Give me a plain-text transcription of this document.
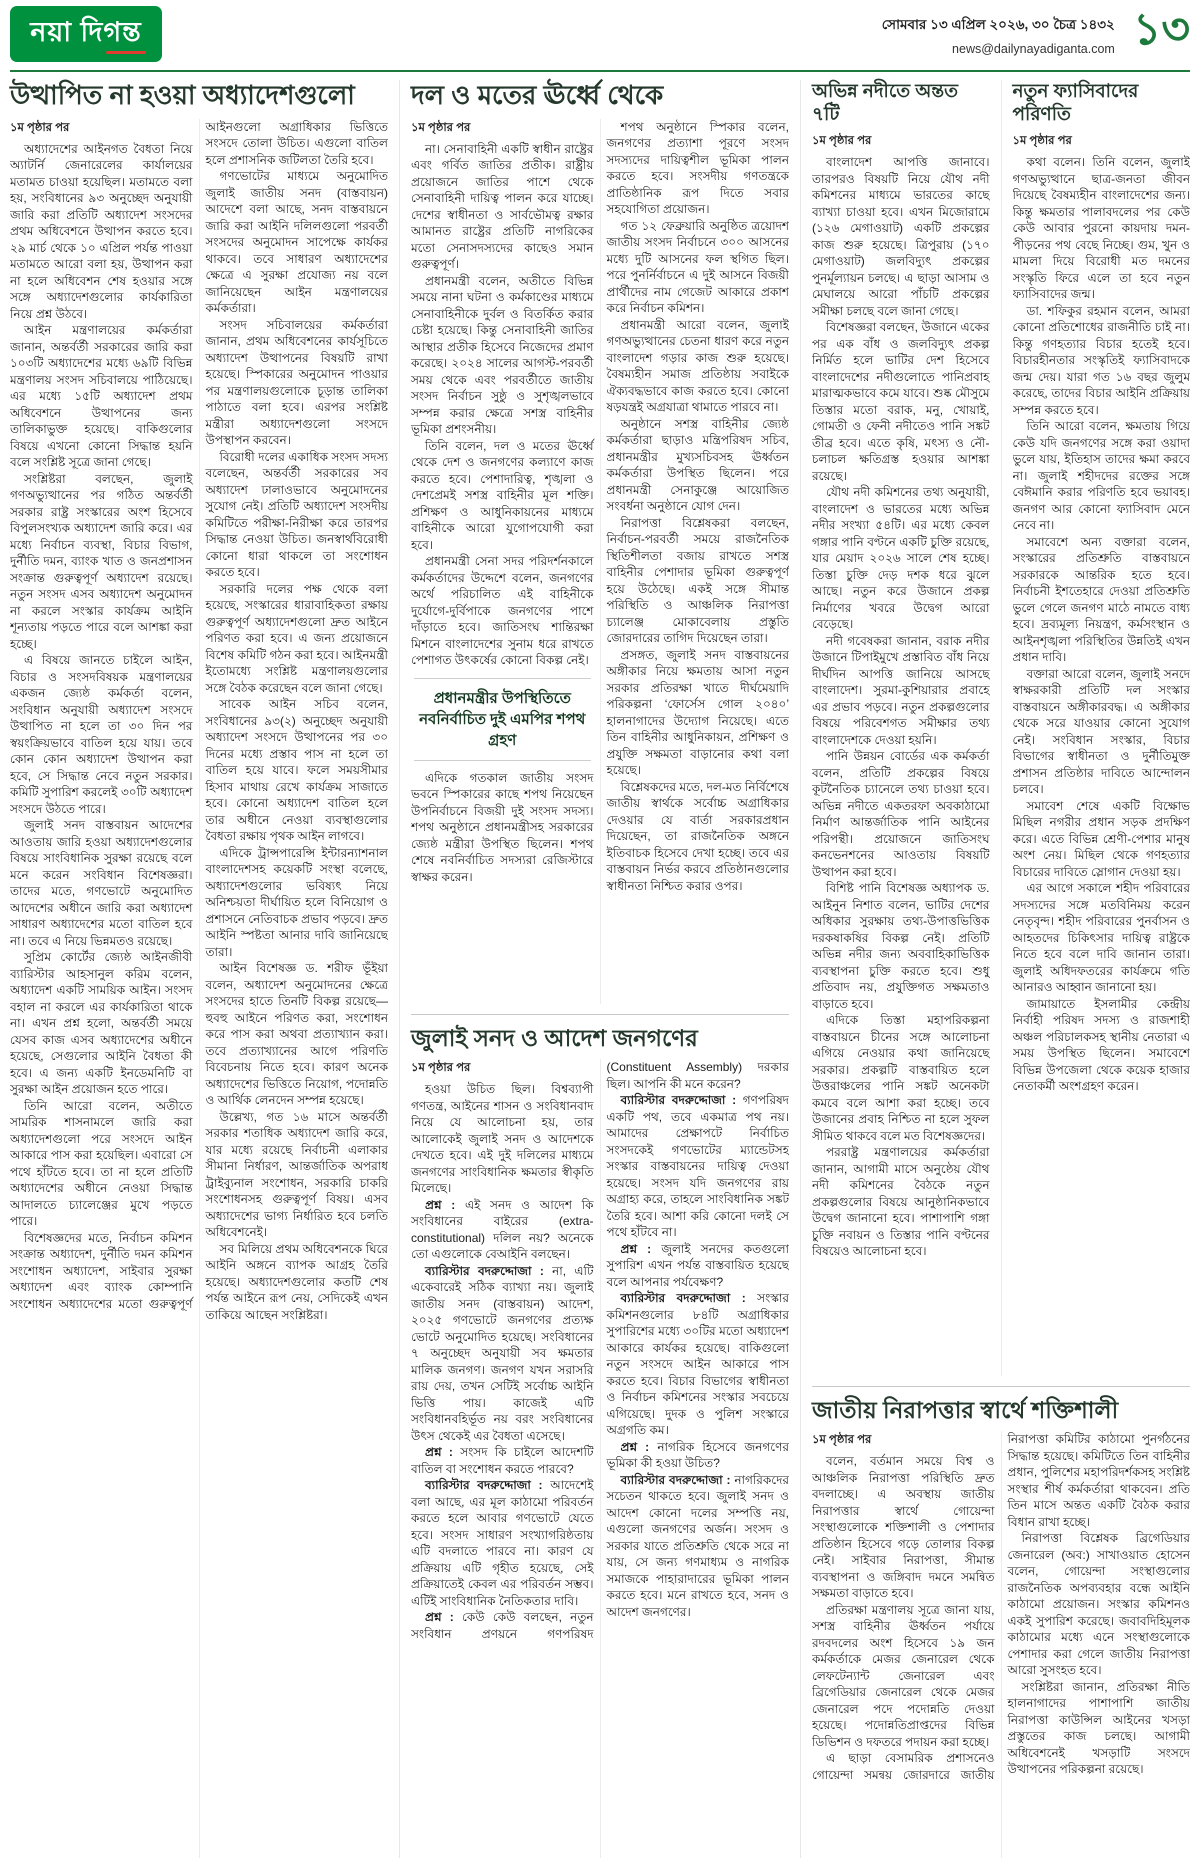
নয়া দিগন্ত	সোমবার ১৩ এপ্রিল ২০২৬, ৩০ চৈত্র ১৪৩২
news@dailynayadiganta.com ১৩
উত্থাপিত না হওয়া অধ্যাদেশগুলো
১ম পৃষ্ঠার পর

অধ্যাদেশের আইনগত বৈধতা নিয়ে অ্যাটর্নি জেনারেলের কার্যালয়ের মতামত চাওয়া হয়েছিল। মতামতে বলা হয়, সংবিধানের ৯৩ অনুচ্ছেদ অনুযায়ী জারি করা প্রতিটি অধ্যাদেশ সংসদের প্রথম অধিবেশনে উত্থাপন করতে হবে। ২৯ মার্চ থেকে ১০ এপ্রিল পর্যন্ত পাওয়া মতামতে আরো বলা হয়, উত্থাপন করা না হলে অধিবেশন শেষ হওয়ার সঙ্গে সঙ্গে অধ্যাদেশগুলোর কার্যকারিতা নিয়ে প্রশ্ন উঠবে।

আইন মন্ত্রণালয়ের কর্মকর্তারা জানান, অন্তর্বর্তী সরকারের জারি করা ১০৩টি অধ্যাদেশের মধ্যে ৬৯টি বিভিন্ন মন্ত্রণালয় সংসদ সচিবালয়ে পাঠিয়েছে। এর মধ্যে ১৫টি অধ্যাদেশ প্রথম অধিবেশনে উত্থাপনের জন্য তালিকাভুক্ত হয়েছে। বাকিগুলোর বিষয়ে এখনো কোনো সিদ্ধান্ত হয়নি বলে সংশ্লিষ্ট সূত্রে জানা গেছে।

সংশ্লিষ্টরা বলছেন, জুলাই গণঅভ্যুত্থানের পর গঠিত অন্তর্বর্তী সরকার রাষ্ট্র সংস্কারের অংশ হিসেবে বিপুলসংখ্যক অধ্যাদেশ জারি করে। এর মধ্যে নির্বাচন ব্যবস্থা, বিচার বিভাগ, দুর্নীতি দমন, ব্যাংক খাত ও জনপ্রশাসন সংক্রান্ত গুরুত্বপূর্ণ অধ্যাদেশ রয়েছে। নতুন সংসদ এসব অধ্যাদেশ অনুমোদন না করলে সংস্কার কার্যক্রম আইনি শূন্যতায় পড়তে পারে বলে আশঙ্কা করা হচ্ছে।

এ বিষয়ে জানতে চাইলে আইন, বিচার ও সংসদবিষয়ক মন্ত্রণালয়ের একজন জ্যেষ্ঠ কর্মকর্তা বলেন, সংবিধান অনুযায়ী অধ্যাদেশ সংসদে উত্থাপিত না হলে তা ৩০ দিন পর স্বয়ংক্রিয়ভাবে বাতিল হয়ে যায়। তবে কোন কোন অধ্যাদেশ উত্থাপন করা হবে, সে সিদ্ধান্ত নেবে নতুন সরকার। কমিটি সুপারিশ করলেই ৩০টি অধ্যাদেশ সংসদে উঠতে পারে।

জুলাই সনদ বাস্তবায়ন আদেশের আওতায় জারি হওয়া অধ্যাদেশগুলোর বিষয়ে সাংবিধানিক সুরক্ষা রয়েছে বলে মনে করেন সংবিধান বিশেষজ্ঞরা। তাদের মতে, গণভোটে অনুমোদিত আদেশের অধীনে জারি করা অধ্যাদেশ সাধারণ অধ্যাদেশের মতো বাতিল হবে না। তবে এ নিয়ে ভিন্নমতও রয়েছে।

সুপ্রিম কোর্টের জ্যেষ্ঠ আইনজীবী ব্যারিস্টার আহসানুল করিম বলেন, অধ্যাদেশ একটি সাময়িক আইন। সংসদ বহাল না করলে এর কার্যকারিতা থাকে না। এখন প্রশ্ন হলো, অন্তর্বর্তী সময়ে যেসব কাজ এসব অধ্যাদেশের অধীনে হয়েছে, সেগুলোর আইনি বৈধতা কী হবে। এ জন্য একটি ইনডেমনিটি বা সুরক্ষা আইন প্রয়োজন হতে পারে।

তিনি আরো বলেন, অতীতে সামরিক শাসনামলে জারি করা অধ্যাদেশগুলো পরে সংসদে আইন আকারে পাস করা হয়েছিল। এবারো সে পথে হাঁটতে হবে। তা না হলে প্রতিটি অধ্যাদেশের অধীনে নেওয়া সিদ্ধান্ত আদালতে চ্যালেঞ্জের মুখে পড়তে পারে।

বিশেষজ্ঞদের মতে, নির্বাচন কমিশন সংক্রান্ত অধ্যাদেশ, দুর্নীতি দমন কমিশন সংশোধন অধ্যাদেশ, সাইবার সুরক্ষা অধ্যাদেশ এবং ব্যাংক কোম্পানি সংশোধন অধ্যাদেশের মতো গুরুত্বপূর্ণ আইনগুলো অগ্রাধিকার ভিত্তিতে সংসদে তোলা উচিত। এগুলো বাতিল হলে প্রশাসনিক জটিলতা তৈরি হবে।

গণভোটের মাধ্যমে অনুমোদিত জুলাই জাতীয় সনদ (বাস্তবায়ন) আদেশে বলা আছে, সনদ বাস্তবায়নে জারি করা আইনি দলিলগুলো পরবর্তী সংসদের অনুমোদন সাপেক্ষে কার্যকর থাকবে। তবে সাধারণ অধ্যাদেশের ক্ষেত্রে এ সুরক্ষা প্রযোজ্য নয় বলে জানিয়েছেন আইন মন্ত্রণালয়ের কর্মকর্তারা।

সংসদ সচিবালয়ের কর্মকর্তারা জানান, প্রথম অধিবেশনের কার্যসূচিতে অধ্যাদেশ উত্থাপনের বিষয়টি রাখা হয়েছে। স্পিকারের অনুমোদন পাওয়ার পর মন্ত্রণালয়গুলোকে চূড়ান্ত তালিকা পাঠাতে বলা হবে। এরপর সংশ্লিষ্ট মন্ত্রীরা অধ্যাদেশগুলো সংসদে উপস্থাপন করবেন।

বিরোধী দলের একাধিক সংসদ সদস্য বলেছেন, অন্তর্বর্তী সরকারের সব অধ্যাদেশ ঢালাওভাবে অনুমোদনের সুযোগ নেই। প্রতিটি অধ্যাদেশ সংসদীয় কমিটিতে পরীক্ষা-নিরীক্ষা করে তারপর সিদ্ধান্ত নেওয়া উচিত। জনস্বার্থবিরোধী কোনো ধারা থাকলে তা সংশোধন করতে হবে।

সরকারি দলের পক্ষ থেকে বলা হয়েছে, সংস্কারের ধারাবাহিকতা রক্ষায় গুরুত্বপূর্ণ অধ্যাদেশগুলো দ্রুত আইনে পরিণত করা হবে। এ জন্য প্রয়োজনে বিশেষ কমিটি গঠন করা হবে। আইনমন্ত্রী ইতোমধ্যে সংশ্লিষ্ট মন্ত্রণালয়গুলোর সঙ্গে বৈঠক করেছেন বলে জানা গেছে।

সাবেক আইন সচিব বলেন, সংবিধানের ৯৩(২) অনুচ্ছেদ অনুযায়ী অধ্যাদেশ সংসদে উত্থাপনের পর ৩০ দিনের মধ্যে প্রস্তাব পাস না হলে তা বাতিল হয়ে যাবে। ফলে সময়সীমার হিসাব মাথায় রেখে কার্যক্রম সাজাতে হবে। কোনো অধ্যাদেশ বাতিল হলে তার অধীনে নেওয়া ব্যবস্থাগুলোর বৈধতা রক্ষায় পৃথক আইন লাগবে।

এদিকে ট্রান্সপারেন্সি ইন্টারন্যাশনাল বাংলাদেশসহ কয়েকটি সংস্থা বলেছে, অধ্যাদেশগুলোর ভবিষ্যৎ নিয়ে অনিশ্চয়তা দীর্ঘায়িত হলে বিনিয়োগ ও প্রশাসনে নেতিবাচক প্রভাব পড়বে। দ্রুত আইনি স্পষ্টতা আনার দাবি জানিয়েছে তারা।

আইন বিশেষজ্ঞ ড. শরীফ ভূঁইয়া বলেন, অধ্যাদেশ অনুমোদনের ক্ষেত্রে সংসদের হাতে তিনটি বিকল্প রয়েছে— হুবহু আইনে পরিণত করা, সংশোধন করে পাস করা অথবা প্রত্যাখ্যান করা। তবে প্রত্যাখ্যানের আগে পরিণতি বিবেচনায় নিতে হবে। কারণ অনেক অধ্যাদেশের ভিত্তিতে নিয়োগ, পদোন্নতি ও আর্থিক লেনদেন সম্পন্ন হয়েছে।

উল্লেখ্য, গত ১৬ মাসে অন্তর্বর্তী সরকার শতাধিক অধ্যাদেশ জারি করে, যার মধ্যে রয়েছে নির্বাচনী এলাকার সীমানা নির্ধারণ, আন্তর্জাতিক অপরাধ ট্রাইব্যুনাল সংশোধন, সরকারি চাকরি সংশোধনসহ গুরুত্বপূর্ণ বিষয়। এসব অধ্যাদেশের ভাগ্য নির্ধারিত হবে চলতি অধিবেশনেই।

সব মিলিয়ে প্রথম অধিবেশনকে ঘিরে আইনি অঙ্গনে ব্যাপক আগ্রহ তৈরি হয়েছে। অধ্যাদেশগুলোর কতটি শেষ পর্যন্ত আইনে রূপ নেয়, সেদিকেই এখন তাকিয়ে আছেন সংশ্লিষ্টরা।

দল ও মতের ঊর্ধ্বে থেকে
১ম পৃষ্ঠার পর

না। সেনাবাহিনী একটি স্বাধীন রাষ্ট্রের এবং গর্বিত জাতির প্রতীক। রাষ্ট্রীয় প্রয়োজনে জাতির পাশে থেকে সেনাবাহিনী দায়িত্ব পালন করে যাচ্ছে। দেশের স্বাধীনতা ও সার্বভৌমত্ব রক্ষার আমানত রাষ্ট্রের প্রতিটি নাগরিকের মতো সেনাসদস্যদের কাছেও সমান গুরুত্বপূর্ণ।

প্রধানমন্ত্রী বলেন, অতীতে বিভিন্ন সময়ে নানা ঘটনা ও কর্মকাণ্ডের মাধ্যমে সেনাবাহিনীকে দুর্বল ও বিতর্কিত করার চেষ্টা হয়েছে। কিন্তু সেনাবাহিনী জাতির আস্থার প্রতীক হিসেবে নিজেদের প্রমাণ করেছে। ২০২৪ সালের আগস্ট-পরবর্তী সময় থেকে এবং পরবর্তীতে জাতীয় সংসদ নির্বাচন সুষ্ঠু ও সুশৃঙ্খলভাবে সম্পন্ন করার ক্ষেত্রে সশস্ত্র বাহিনীর ভূমিকা প্রশংসনীয়।

তিনি বলেন, দল ও মতের ঊর্ধ্বে থেকে দেশ ও জনগণের কল্যাণে কাজ করতে হবে। পেশাদারিত্ব, শৃঙ্খলা ও দেশপ্রেমই সশস্ত্র বাহিনীর মূল শক্তি। প্রশিক্ষণ ও আধুনিকায়নের মাধ্যমে বাহিনীকে আরো যুগোপযোগী করা হবে।

প্রধানমন্ত্রী সেনা সদর পরিদর্শনকালে কর্মকর্তাদের উদ্দেশে বলেন, জনগণের অর্থে পরিচালিত এই বাহিনীকে দুর্যোগে-দুর্বিপাকে জনগণের পাশে দাঁড়াতে হবে। জাতিসংঘ শান্তিরক্ষা মিশনে বাংলাদেশের সুনাম ধরে রাখতে পেশাগত উৎকর্ষের কোনো বিকল্প নেই।

প্রধানমন্ত্রীর উপস্থিতিতে নবনির্বাচিত দুই এমপির শপথ গ্রহণ

এদিকে গতকাল জাতীয় সংসদ ভবনে স্পিকারের কাছে শপথ নিয়েছেন উপনির্বাচনে বিজয়ী দুই সংসদ সদস্য। শপথ অনুষ্ঠানে প্রধানমন্ত্রীসহ সরকারের জ্যেষ্ঠ মন্ত্রীরা উপস্থিত ছিলেন। শপথ শেষে নবনির্বাচিত সদস্যরা রেজিস্টারে স্বাক্ষর করেন।

শপথ অনুষ্ঠানে স্পিকার বলেন, জনগণের প্রত্যাশা পূরণে সংসদ সদস্যদের দায়িত্বশীল ভূমিকা পালন করতে হবে। সংসদীয় গণতন্ত্রকে প্রাতিষ্ঠানিক রূপ দিতে সবার সহযোগিতা প্রয়োজন।

গত ১২ ফেব্রুয়ারি অনুষ্ঠিত ত্রয়োদশ জাতীয় সংসদ নির্বাচনে ৩০০ আসনের মধ্যে দুটি আসনের ফল স্থগিত ছিল। পরে পুনর্নির্বাচনে এ দুই আসনে বিজয়ী প্রার্থীদের নাম গেজেট আকারে প্রকাশ করে নির্বাচন কমিশন।

প্রধানমন্ত্রী আরো বলেন, জুলাই গণঅভ্যুত্থানের চেতনা ধারণ করে নতুন বাংলাদেশ গড়ার কাজ শুরু হয়েছে। বৈষম্যহীন সমাজ প্রতিষ্ঠায় সবাইকে ঐক্যবদ্ধভাবে কাজ করতে হবে। কোনো ষড়যন্ত্রই অগ্রযাত্রা থামাতে পারবে না।

অনুষ্ঠানে সশস্ত্র বাহিনীর জ্যেষ্ঠ কর্মকর্তারা ছাড়াও মন্ত্রিপরিষদ সচিব, প্রধানমন্ত্রীর মুখ্যসচিবসহ ঊর্ধ্বতন কর্মকর্তারা উপস্থিত ছিলেন। পরে প্রধানমন্ত্রী সেনাকুঞ্জে আয়োজিত সংবর্ধনা অনুষ্ঠানে যোগ দেন।

নিরাপত্তা বিশ্লেষকরা বলছেন, নির্বাচন-পরবর্তী সময়ে রাজনৈতিক স্থিতিশীলতা বজায় রাখতে সশস্ত্র বাহিনীর পেশাদার ভূমিকা গুরুত্বপূর্ণ হয়ে উঠেছে। একই সঙ্গে সীমান্ত পরিস্থিতি ও আঞ্চলিক নিরাপত্তা চ্যালেঞ্জ মোকাবেলায় প্রস্তুতি জোরদারের তাগিদ দিয়েছেন তারা।

প্রসঙ্গত, জুলাই সনদ বাস্তবায়নের অঙ্গীকার নিয়ে ক্ষমতায় আসা নতুন সরকার প্রতিরক্ষা খাতে দীর্ঘমেয়াদি পরিকল্পনা ‘ফোর্সেস গোল ২০৪০’ হালনাগাদের উদ্যোগ নিয়েছে। এতে তিন বাহিনীর আধুনিকায়ন, প্রশিক্ষণ ও প্রযুক্তি সক্ষমতা বাড়ানোর কথা বলা হয়েছে।

বিশ্লেষকদের মতে, দল-মত নির্বিশেষে জাতীয় স্বার্থকে সর্বোচ্চ অগ্রাধিকার দেওয়ার যে বার্তা সরকারপ্রধান দিয়েছেন, তা রাজনৈতিক অঙ্গনে ইতিবাচক হিসেবে দেখা হচ্ছে। তবে এর বাস্তবায়ন নির্ভর করবে প্রতিষ্ঠানগুলোর স্বাধীনতা নিশ্চিত করার ওপর।

জুলাই সনদ ও আদেশ জনগণের
১ম পৃষ্ঠার পর

হওয়া উচিত ছিল। বিশ্বব্যাপী গণতন্ত্র, আইনের শাসন ও সংবিধানবাদ নিয়ে যে আলোচনা হয়, তার আলোকেই জুলাই সনদ ও আদেশকে দেখতে হবে। এই দুই দলিলের মাধ্যমে জনগণের সাংবিধানিক ক্ষমতার স্বীকৃতি মিলেছে।

প্রশ্ন : এই সনদ ও আদেশ কি সংবিধানের বাইরের (extra-constitutional) দলিল নয়? অনেকে তো এগুলোকে বেআইনি বলছেন।

ব্যারিস্টার বদরুদ্দোজা : না, এটি একেবারেই সঠিক ব্যাখ্যা নয়। জুলাই জাতীয় সনদ (বাস্তবায়ন) আদেশ, ২০২৫ গণভোটে জনগণের প্রত্যক্ষ ভোটে অনুমোদিত হয়েছে। সংবিধানের ৭ অনুচ্ছেদ অনুযায়ী সব ক্ষমতার মালিক জনগণ। জনগণ যখন সরাসরি রায় দেয়, তখন সেটিই সর্বোচ্চ আইনি ভিত্তি পায়। কাজেই এটি সংবিধানবহির্ভূত নয় বরং সংবিধানের উৎস থেকেই এর বৈধতা এসেছে।

প্রশ্ন : সংসদ কি চাইলে আদেশটি বাতিল বা সংশোধন করতে পারবে?

ব্যারিস্টার বদরুদ্দোজা : আদেশেই বলা আছে, এর মূল কাঠামো পরিবর্তন করতে হলে আবার গণভোটে যেতে হবে। সংসদ সাধারণ সংখ্যাগরিষ্ঠতায় এটি বদলাতে পারবে না। কারণ যে প্রক্রিয়ায় এটি গৃহীত হয়েছে, সেই প্রক্রিয়াতেই কেবল এর পরিবর্তন সম্ভব। এটিই সাংবিধানিক নৈতিকতার দাবি।

প্রশ্ন : কেউ কেউ বলছেন, নতুন সংবিধান প্রণয়নে গণপরিষদ (Constituent Assembly) দরকার ছিল। আপনি কী মনে করেন?

ব্যারিস্টার বদরুদ্দোজা : গণপরিষদ একটি পথ, তবে একমাত্র পথ নয়। আমাদের প্রেক্ষাপটে নির্বাচিত সংসদকেই গণভোটের ম্যান্ডেটসহ সংস্কার বাস্তবায়নের দায়িত্ব দেওয়া হয়েছে। সংসদ যদি জনগণের রায় অগ্রাহ্য করে, তাহলে সাংবিধানিক সঙ্কট তৈরি হবে। আশা করি কোনো দলই সে পথে হাঁটবে না।

প্রশ্ন : জুলাই সনদের কতগুলো সুপারিশ এখন পর্যন্ত বাস্তবায়িত হয়েছে বলে আপনার পর্যবেক্ষণ?

ব্যারিস্টার বদরুদ্দোজা : সংস্কার কমিশনগুলোর ৮৪টি অগ্রাধিকার সুপারিশের মধ্যে ৩০টির মতো অধ্যাদেশ আকারে কার্যকর হয়েছে। বাকিগুলো নতুন সংসদে আইন আকারে পাস করতে হবে। বিচার বিভাগের স্বাধীনতা ও নির্বাচন কমিশনের সংস্কার সবচেয়ে এগিয়েছে। দুদক ও পুলিশ সংস্কারে অগ্রগতি কম।

প্রশ্ন : নাগরিক হিসেবে জনগণের ভূমিকা কী হওয়া উচিত?

ব্যারিস্টার বদরুদ্দোজা : নাগরিকদের সচেতন থাকতে হবে। জুলাই সনদ ও আদেশ কোনো দলের সম্পত্তি নয়, এগুলো জনগণের অর্জন। সংসদ ও সরকার যাতে প্রতিশ্রুতি থেকে সরে না যায়, সে জন্য গণমাধ্যম ও নাগরিক সমাজকে পাহারাদারের ভূমিকা পালন করতে হবে। মনে রাখতে হবে, সনদ ও আদেশ জনগণের।

অভিন্ন নদীতে অন্তত ৭টি
১ম পৃষ্ঠার পর

বাংলাদেশ আপত্তি জানাবে। তারপরও বিষয়টি নিয়ে যৌথ নদী কমিশনের মাধ্যমে ভারতের কাছে ব্যাখ্যা চাওয়া হবে। এখন মিজোরামে (১২৬ মেগাওয়াট) একটি প্রকল্পের কাজ শুরু হয়েছে। ত্রিপুরায় (১৭০ মেগাওয়াট) জলবিদ্যুৎ প্রকল্পের পুনর্মূল্যায়ন চলছে। এ ছাড়া আসাম ও মেঘালয়ে আরো পাঁচটি প্রকল্পের সমীক্ষা চলছে বলে জানা গেছে।

বিশেষজ্ঞরা বলছেন, উজানে একের পর এক বাঁধ ও জলবিদ্যুৎ প্রকল্প নির্মিত হলে ভাটির দেশ হিসেবে বাংলাদেশের নদীগুলোতে পানিপ্রবাহ মারাত্মকভাবে কমে যাবে। শুষ্ক মৌসুমে তিস্তার মতো বরাক, মনু, খোয়াই, গোমতী ও ফেনী নদীতেও পানি সঙ্কট তীব্র হবে। এতে কৃষি, মৎস্য ও নৌ-চলাচল ক্ষতিগ্রস্ত হওয়ার আশঙ্কা রয়েছে।

যৌথ নদী কমিশনের তথ্য অনুযায়ী, বাংলাদেশ ও ভারতের মধ্যে অভিন্ন নদীর সংখ্যা ৫৪টি। এর মধ্যে কেবল গঙ্গার পানি বণ্টনে একটি চুক্তি রয়েছে, যার মেয়াদ ২০২৬ সালে শেষ হচ্ছে। তিস্তা চুক্তি দেড় দশক ধরে ঝুলে আছে। নতুন করে উজানে প্রকল্প নির্মাণের খবরে উদ্বেগ আরো বেড়েছে।

নদী গবেষকরা জানান, বরাক নদীর উজানে টিপাইমুখে প্রস্তাবিত বাঁধ নিয়ে দীর্ঘদিন আপত্তি জানিয়ে আসছে বাংলাদেশ। সুরমা-কুশিয়ারার প্রবাহে এর প্রভাব পড়বে। নতুন প্রকল্পগুলোর বিষয়ে পরিবেশগত সমীক্ষার তথ্য বাংলাদেশকে দেওয়া হয়নি।

পানি উন্নয়ন বোর্ডের এক কর্মকর্তা বলেন, প্রতিটি প্রকল্পের বিষয়ে কূটনৈতিক চ্যানেলে তথ্য চাওয়া হবে। অভিন্ন নদীতে একতরফা অবকাঠামো নির্মাণ আন্তর্জাতিক পানি আইনের পরিপন্থী। প্রয়োজনে জাতিসংঘ কনভেনশনের আওতায় বিষয়টি উত্থাপন করা হবে।

বিশিষ্ট পানি বিশেষজ্ঞ অধ্যাপক ড. আইনুন নিশাত বলেন, ভাটির দেশের অধিকার সুরক্ষায় তথ্য-উপাত্তভিত্তিক দরকষাকষির বিকল্প নেই। প্রতিটি অভিন্ন নদীর জন্য অববাহিকাভিত্তিক ব্যবস্থাপনা চুক্তি করতে হবে। শুধু প্রতিবাদ নয়, প্রযুক্তিগত সক্ষমতাও বাড়াতে হবে।

এদিকে তিস্তা মহাপরিকল্পনা বাস্তবায়নে চীনের সঙ্গে আলোচনা এগিয়ে নেওয়ার কথা জানিয়েছে সরকার। প্রকল্পটি বাস্তবায়িত হলে উত্তরাঞ্চলের পানি সঙ্কট অনেকটা কমবে বলে আশা করা হচ্ছে। তবে উজানের প্রবাহ নিশ্চিত না হলে সুফল সীমিত থাকবে বলে মত বিশেষজ্ঞদের।

পররাষ্ট্র মন্ত্রণালয়ের কর্মকর্তারা জানান, আগামী মাসে অনুষ্ঠেয় যৌথ নদী কমিশনের বৈঠকে নতুন প্রকল্পগুলোর বিষয়ে আনুষ্ঠানিকভাবে উদ্বেগ জানানো হবে। পাশাপাশি গঙ্গা চুক্তি নবায়ন ও তিস্তার পানি বণ্টনের বিষয়েও আলোচনা হবে।

নতুন ফ্যাসিবাদের পরিণতি
১ম পৃষ্ঠার পর

কথা বলেন। তিনি বলেন, জুলাই গণঅভ্যুত্থানে ছাত্র-জনতা জীবন দিয়েছে বৈষম্যহীন বাংলাদেশের জন্য। কিন্তু ক্ষমতার পালাবদলের পর কেউ কেউ আবার পুরনো কায়দায় দমন-পীড়নের পথ বেছে নিচ্ছে। গুম, খুন ও মামলা দিয়ে বিরোধী মত দমনের সংস্কৃতি ফিরে এলে তা হবে নতুন ফ্যাসিবাদের জন্ম।

ডা. শফিকুর রহমান বলেন, আমরা কোনো প্রতিশোধের রাজনীতি চাই না। কিন্তু গণহত্যার বিচার হতেই হবে। বিচারহীনতার সংস্কৃতিই ফ্যাসিবাদকে জন্ম দেয়। যারা গত ১৬ বছর জুলুম করেছে, তাদের বিচার আইনি প্রক্রিয়ায় সম্পন্ন করতে হবে।

তিনি আরো বলেন, ক্ষমতায় গিয়ে কেউ যদি জনগণের সঙ্গে করা ওয়াদা ভুলে যায়, ইতিহাস তাদের ক্ষমা করবে না। জুলাই শহীদদের রক্তের সঙ্গে বেঈমানি করার পরিণতি হবে ভয়াবহ। জনগণ আর কোনো ফ্যাসিবাদ মেনে নেবে না।

সমাবেশে অন্য বক্তারা বলেন, সংস্কারের প্রতিশ্রুতি বাস্তবায়নে সরকারকে আন্তরিক হতে হবে। নির্বাচনী ইশতেহারে দেওয়া প্রতিশ্রুতি ভুলে গেলে জনগণ মাঠে নামতে বাধ্য হবে। দ্রব্যমূল্য নিয়ন্ত্রণ, কর্মসংস্থান ও আইনশৃঙ্খলা পরিস্থিতির উন্নতিই এখন প্রধান দাবি।

বক্তারা আরো বলেন, জুলাই সনদে স্বাক্ষরকারী প্রতিটি দল সংস্কার বাস্তবায়নে অঙ্গীকারবদ্ধ। এ অঙ্গীকার থেকে সরে যাওয়ার কোনো সুযোগ নেই। সংবিধান সংস্কার, বিচার বিভাগের স্বাধীনতা ও দুর্নীতিমুক্ত প্রশাসন প্রতিষ্ঠার দাবিতে আন্দোলন চলবে।

সমাবেশ শেষে একটি বিক্ষোভ মিছিল নগরীর প্রধান সড়ক প্রদক্ষিণ করে। এতে বিভিন্ন শ্রেণী-পেশার মানুষ অংশ নেয়। মিছিল থেকে গণহত্যার বিচারের দাবিতে স্লোগান দেওয়া হয়।

এর আগে সকালে শহীদ পরিবারের সদস্যদের সঙ্গে মতবিনিময় করেন নেতৃবৃন্দ। শহীদ পরিবারের পুনর্বাসন ও আহতদের চিকিৎসার দায়িত্ব রাষ্ট্রকে নিতে হবে বলে দাবি জানান তারা। জুলাই অধিদফতরের কার্যক্রমে গতি আনারও আহ্বান জানানো হয়।

জামায়াতে ইসলামীর কেন্দ্রীয় নির্বাহী পরিষদ সদস্য ও রাজশাহী অঞ্চল পরিচালকসহ স্থানীয় নেতারা এ সময় উপস্থিত ছিলেন। সমাবেশে বিভিন্ন উপজেলা থেকে কয়েক হাজার নেতাকর্মী অংশগ্রহণ করেন।

জাতীয় নিরাপত্তার স্বার্থে শক্তিশালী
১ম পৃষ্ঠার পর

বলেন, বর্তমান সময়ে বিশ্ব ও আঞ্চলিক নিরাপত্তা পরিস্থিতি দ্রুত বদলাচ্ছে। এ অবস্থায় জাতীয় নিরাপত্তার স্বার্থে গোয়েন্দা সংস্থাগুলোকে শক্তিশালী ও পেশাদার প্রতিষ্ঠান হিসেবে গড়ে তোলার বিকল্প নেই। সাইবার নিরাপত্তা, সীমান্ত ব্যবস্থাপনা ও জঙ্গিবাদ দমনে সমন্বিত সক্ষমতা বাড়াতে হবে।

প্রতিরক্ষা মন্ত্রণালয় সূত্রে জানা যায়, সশস্ত্র বাহিনীর ঊর্ধ্বতন পর্যায়ে রদবদলের অংশ হিসেবে ১৯ জন কর্মকর্তাকে মেজর জেনারেল থেকে লেফটেন্যান্ট জেনারেল এবং ব্রিগেডিয়ার জেনারেল থেকে মেজর জেনারেল পদে পদোন্নতি দেওয়া হয়েছে। পদোন্নতিপ্রাপ্তদের বিভিন্ন ডিভিশন ও দফতরে পদায়ন করা হচ্ছে।

এ ছাড়া বেসামরিক প্রশাসনেও গোয়েন্দা সমন্বয় জোরদারে জাতীয় নিরাপত্তা কমিটির কাঠামো পুনর্গঠনের সিদ্ধান্ত হয়েছে। কমিটিতে তিন বাহিনীর প্রধান, পুলিশের মহাপরিদর্শকসহ সংশ্লিষ্ট সংস্থার শীর্ষ কর্মকর্তারা থাকবেন। প্রতি তিন মাসে অন্তত একটি বৈঠক করার বিধান রাখা হচ্ছে।

নিরাপত্তা বিশ্লেষক ব্রিগেডিয়ার জেনারেল (অব:) সাখাওয়াত হোসেন বলেন, গোয়েন্দা সংস্থাগুলোর রাজনৈতিক অপব্যবহার বন্ধে আইনি কাঠামো প্রয়োজন। সংস্কার কমিশনও একই সুপারিশ করেছে। জবাবদিহিমূলক কাঠামোর মধ্যে এনে সংস্থাগুলোকে পেশাদার করা গেলে জাতীয় নিরাপত্তা আরো সুসংহত হবে।

সংশ্লিষ্টরা জানান, প্রতিরক্ষা নীতি হালনাগাদের পাশাপাশি জাতীয় নিরাপত্তা কাউন্সিল আইনের খসড়া প্রস্তুতের কাজ চলছে। আগামী অধিবেশনেই খসড়াটি সংসদে উত্থাপনের পরিকল্পনা রয়েছে।
